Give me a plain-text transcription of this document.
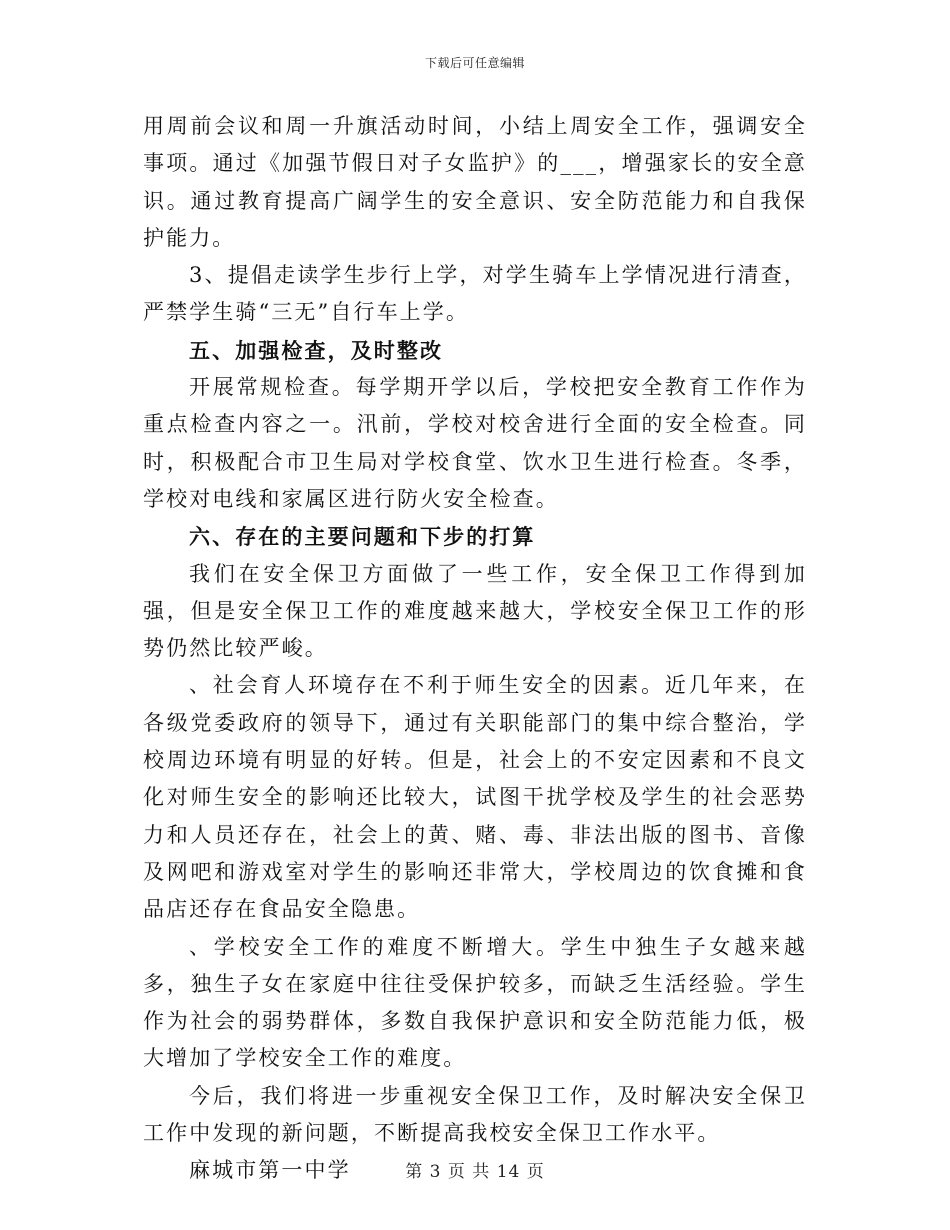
下载后可任意编辑

用周前会议和周一升旗活动时间，小结上周安全工作，强调安全事项。通过《加强节假日对子女监护》的___，增强家长的安全意识。通过教育提高广阔学生的安全意识、安全防范能力和自我保护能力。

3、提倡走读学生步行上学，对学生骑车上学情况进行清查，严禁学生骑“三无”自行车上学。

五、加强检查，及时整改

开展常规检查。每学期开学以后，学校把安全教育工作作为重点检查内容之一。汛前，学校对校舍进行全面的安全检查。同时，积极配合市卫生局对学校食堂、饮水卫生进行检查。冬季，学校对电线和家属区进行防火安全检查。

六、存在的主要问题和下步的打算

我们在安全保卫方面做了一些工作，安全保卫工作得到加强，但是安全保卫工作的难度越来越大，学校安全保卫工作的形势仍然比较严峻。

、社会育人环境存在不利于师生安全的因素。近几年来，在各级党委政府的领导下，通过有关职能部门的集中综合整治，学校周边环境有明显的好转。但是，社会上的不安定因素和不良文化对师生安全的影响还比较大，试图干扰学校及学生的社会恶势力和人员还存在，社会上的黄、赌、毒、非法出版的图书、音像及网吧和游戏室对学生的影响还非常大，学校周边的饮食摊和食品店还存在食品安全隐患。

、学校安全工作的难度不断增大。学生中独生子女越来越多，独生子女在家庭中往往受保护较多，而缺乏生活经验。学生作为社会的弱势群体，多数自我保护意识和安全防范能力低，极大增加了学校安全工作的难度。

今后，我们将进一步重视安全保卫工作，及时解决安全保卫工作中发现的新问题，不断提高我校安全保卫工作水平。

麻城市第一中学	第 3 页 共 14 页
